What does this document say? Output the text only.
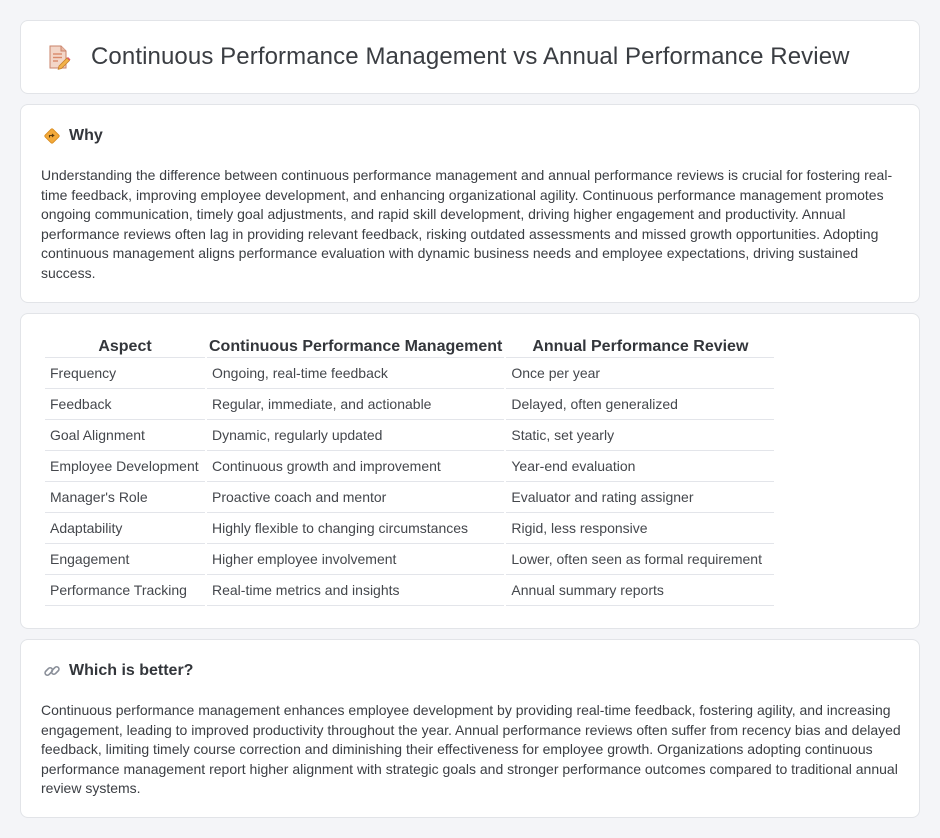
Continuous Performance Management vs Annual Performance Review
Why

Understanding the difference between continuous performance management and annual performance reviews is crucial for fostering real-time feedback, improving employee development, and enhancing organizational agility. Continuous performance management promotes ongoing communication, timely goal adjustments, and rapid skill development, driving higher engagement and productivity. Annual performance reviews often lag in providing relevant feedback, risking outdated assessments and missed growth opportunities. Adopting continuous management aligns performance evaluation with dynamic business needs and employee expectations, driving sustained success.

Aspect	Continuous Performance Management	Annual Performance Review
Frequency	Ongoing, real-time feedback	Once per year
Feedback	Regular, immediate, and actionable	Delayed, often generalized
Goal Alignment	Dynamic, regularly updated	Static, set yearly
Employee Development	Continuous growth and improvement	Year-end evaluation
Manager's Role	Proactive coach and mentor	Evaluator and rating assigner
Adaptability	Highly flexible to changing circumstances	Rigid, less responsive
Engagement	Higher employee involvement	Lower, often seen as formal requirement
Performance Tracking	Real-time metrics and insights	Annual summary reports
Which is better?

Continuous performance management enhances employee development by providing real-time feedback, fostering agility, and increasing engagement, leading to improved productivity throughout the year. Annual performance reviews often suffer from recency bias and delayed feedback, limiting timely course correction and diminishing their effectiveness for employee growth. Organizations adopting continuous performance management report higher alignment with strategic goals and stronger performance outcomes compared to traditional annual review systems.
